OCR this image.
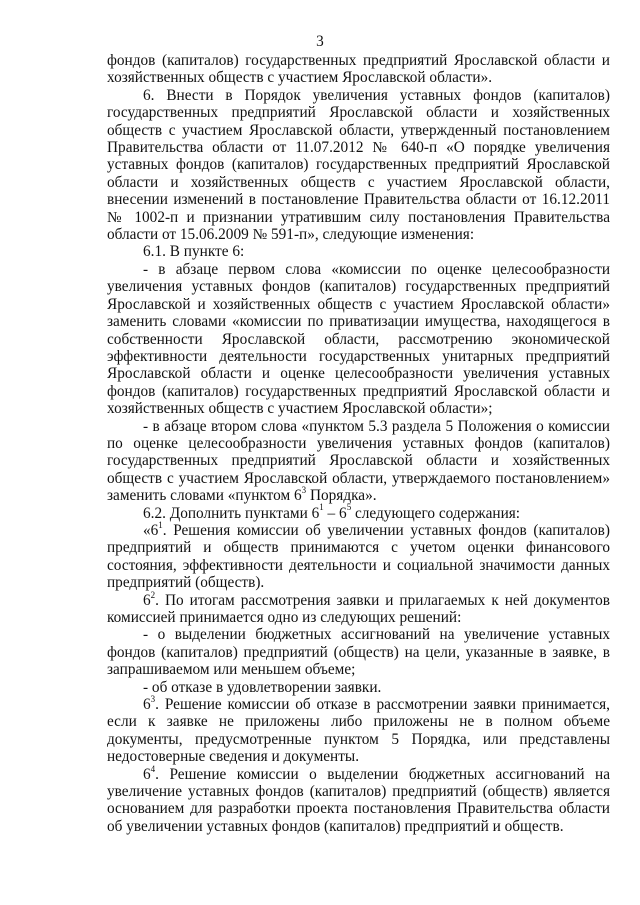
3

фондов (капиталов) государственных предприятий Ярославской области и хозяйственных обществ с участием Ярославской области».

6. Внести в Порядок увеличения уставных фондов (капиталов) государственных предприятий Ярославской области и хозяйственных обществ с участием Ярославской области, утвержденный постановлением Правительства области от 11.07.2012 № 640-п «О порядке увеличения уставных фондов (капиталов) государственных предприятий Ярославской области и хозяйственных обществ с участием Ярославской области, внесении изменений в постановление Правительства области от 16.12.2011 № 1002-п и признании утратившим силу постановления Правительства области от 15.06.2009 № 591-п», следующие изменения:

6.1. В пункте 6:

- в абзаце первом слова «комиссии по оценке целесообразности увеличения уставных фондов (капиталов) государственных предприятий Ярославской и хозяйственных обществ с участием Ярославской области» заменить словами «комиссии по приватизации имущества, находящегося в собственности Ярославской области, рассмотрению экономической эффективности деятельности государственных унитарных предприятий Ярославской области и оценке целесообразности увеличения уставных фондов (капиталов) государственных предприятий Ярославской области и хозяйственных обществ с участием Ярославской области»;

- в абзаце втором слова «пунктом 5.3 раздела 5 Положения о комиссии по оценке целесообразности увеличения уставных фондов (капиталов) государственных предприятий Ярославской области и хозяйственных обществ с участием Ярославской области, утверждаемого постановлением» заменить словами «пунктом $6^3$ Порядка».

6.2. Дополнить пунктами $6^1 - 6^5$ следующего содержания:

«$6^1$. Решения комиссии об увеличении уставных фондов (капиталов) предприятий и обществ принимаются с учетом оценки финансового состояния, эффективности деятельности и социальной значимости данных предприятий (обществ).

$6^2$. По итогам рассмотрения заявки и прилагаемых к ней документов комиссией принимается одно из следующих решений:

- о выделении бюджетных ассигнований на увеличение уставных фондов (капиталов) предприятий (обществ) на цели, указанные в заявке, в запрашиваемом или меньшем объеме;

- об отказе в удовлетворении заявки.

$6^3$. Решение комиссии об отказе в рассмотрении заявки принимается, если к заявке не приложены либо приложены не в полном объеме документы, предусмотренные пунктом 5 Порядка, или представлены недостоверные сведения и документы.

$6^4$. Решение комиссии о выделении бюджетных ассигнований на увеличение уставных фондов (капиталов) предприятий (обществ) является основанием для разработки проекта постановления Правительства области об увеличении уставных фондов (капиталов) предприятий и обществ.
